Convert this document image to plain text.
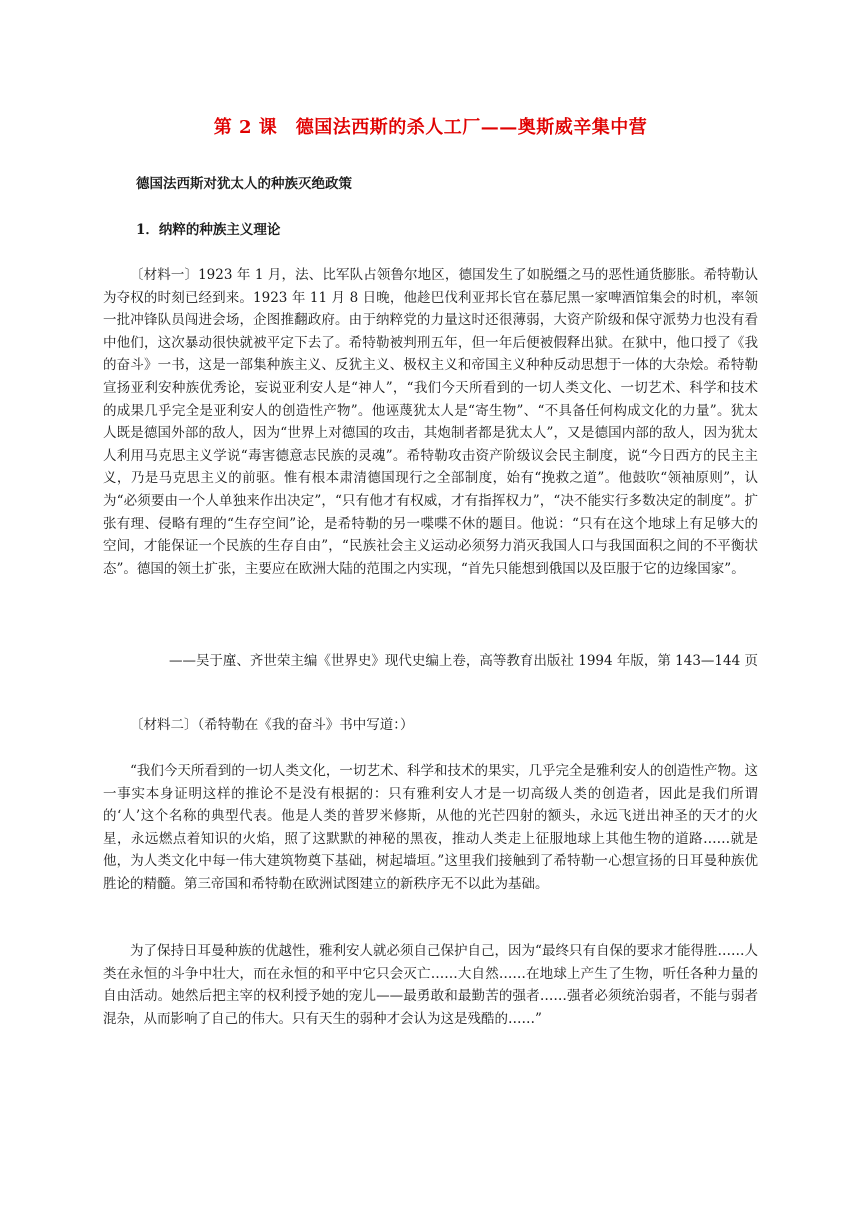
第 2 课　德国法西斯的杀人工厂——奥斯威辛集中营
德国法西斯对犹太人的种族灭绝政策
1．纳粹的种族主义理论

〔材料一〕1923 年 1 月，法、比军队占领鲁尔地区，德国发生了如脱缰之马的恶性通货膨胀。希特勒认为夺权的时刻已经到来。1923 年 11 月 8 日晚，他趁巴伐利亚邦长官在慕尼黑一家啤酒馆集会的时机，率领一批冲锋队员闯进会场，企图推翻政府。由于纳粹党的力量这时还很薄弱，大资产阶级和保守派势力也没有看中他们，这次暴动很快就被平定下去了。希特勒被判刑五年，但一年后便被假释出狱。在狱中，他口授了《我的奋斗》一书，这是一部集种族主义、反犹主义、极权主义和帝国主义种种反动思想于一体的大杂烩。希特勒宣扬亚利安种族优秀论，妄说亚利安人是“神人”，“我们今天所看到的一切人类文化、一切艺术、科学和技术的成果几乎完全是亚利安人的创造性产物”。他诬蔑犹太人是“寄生物”、“不具备任何构成文化的力量”。犹太人既是德国外部的敌人，因为“世界上对德国的攻击，其炮制者都是犹太人”，又是德国内部的敌人，因为犹太人利用马克思主义学说“毒害德意志民族的灵魂”。希特勒攻击资产阶级议会民主制度，说“今日西方的民主主义，乃是马克思主义的前驱。惟有根本肃清德国现行之全部制度，始有“挽救之道”。他鼓吹“领袖原则”，认为“必须要由一个人单独来作出决定”，“只有他才有权威，才有指挥权力”，“决不能实行多数决定的制度”。扩张有理、侵略有理的“生存空间”论，是希特勒的另一喋喋不休的题目。他说：“只有在这个地球上有足够大的空间，才能保证一个民族的生存自由”，“民族社会主义运动必须努力消灭我国人口与我国面积之间的不平衡状态”。德国的领土扩张，主要应在欧洲大陆的范围之内实现，“首先只能想到俄国以及臣服于它的边缘国家”。

——吴于廑、齐世荣主编《世界史》现代史编上卷，高等教育出版社 1994 年版，第 143—144 页

〔材料二〕（希特勒在《我的奋斗》书中写道：）

“我们今天所看到的一切人类文化，一切艺术、科学和技术的果实，几乎完全是雅利安人的创造性产物。这一事实本身证明这样的推论不是没有根据的：只有雅利安人才是一切高级人类的创造者，因此是我们所谓的‘人’这个名称的典型代表。他是人类的普罗米修斯，从他的光芒四射的额头，永远飞迸出神圣的天才的火星，永远燃点着知识的火焰，照了这默默的神秘的黑夜，推动人类走上征服地球上其他生物的道路……就是他，为人类文化中每一伟大建筑物奠下基础，树起墙垣。”这里我们接触到了希特勒一心想宣扬的日耳曼种族优胜论的精髓。第三帝国和希特勒在欧洲试图建立的新秩序无不以此为基础。

为了保持日耳曼种族的优越性，雅利安人就必须自己保护自己，因为“最终只有自保的要求才能得胜……人类在永恒的斗争中壮大，而在永恒的和平中它只会灭亡……大自然……在地球上产生了生物，听任各种力量的自由活动。她然后把主宰的权利授予她的宠儿——最勇敢和最勤苦的强者……强者必须统治弱者，不能与弱者混杂，从而影响了自己的伟大。只有天生的弱种才会认为这是残酷的……”
